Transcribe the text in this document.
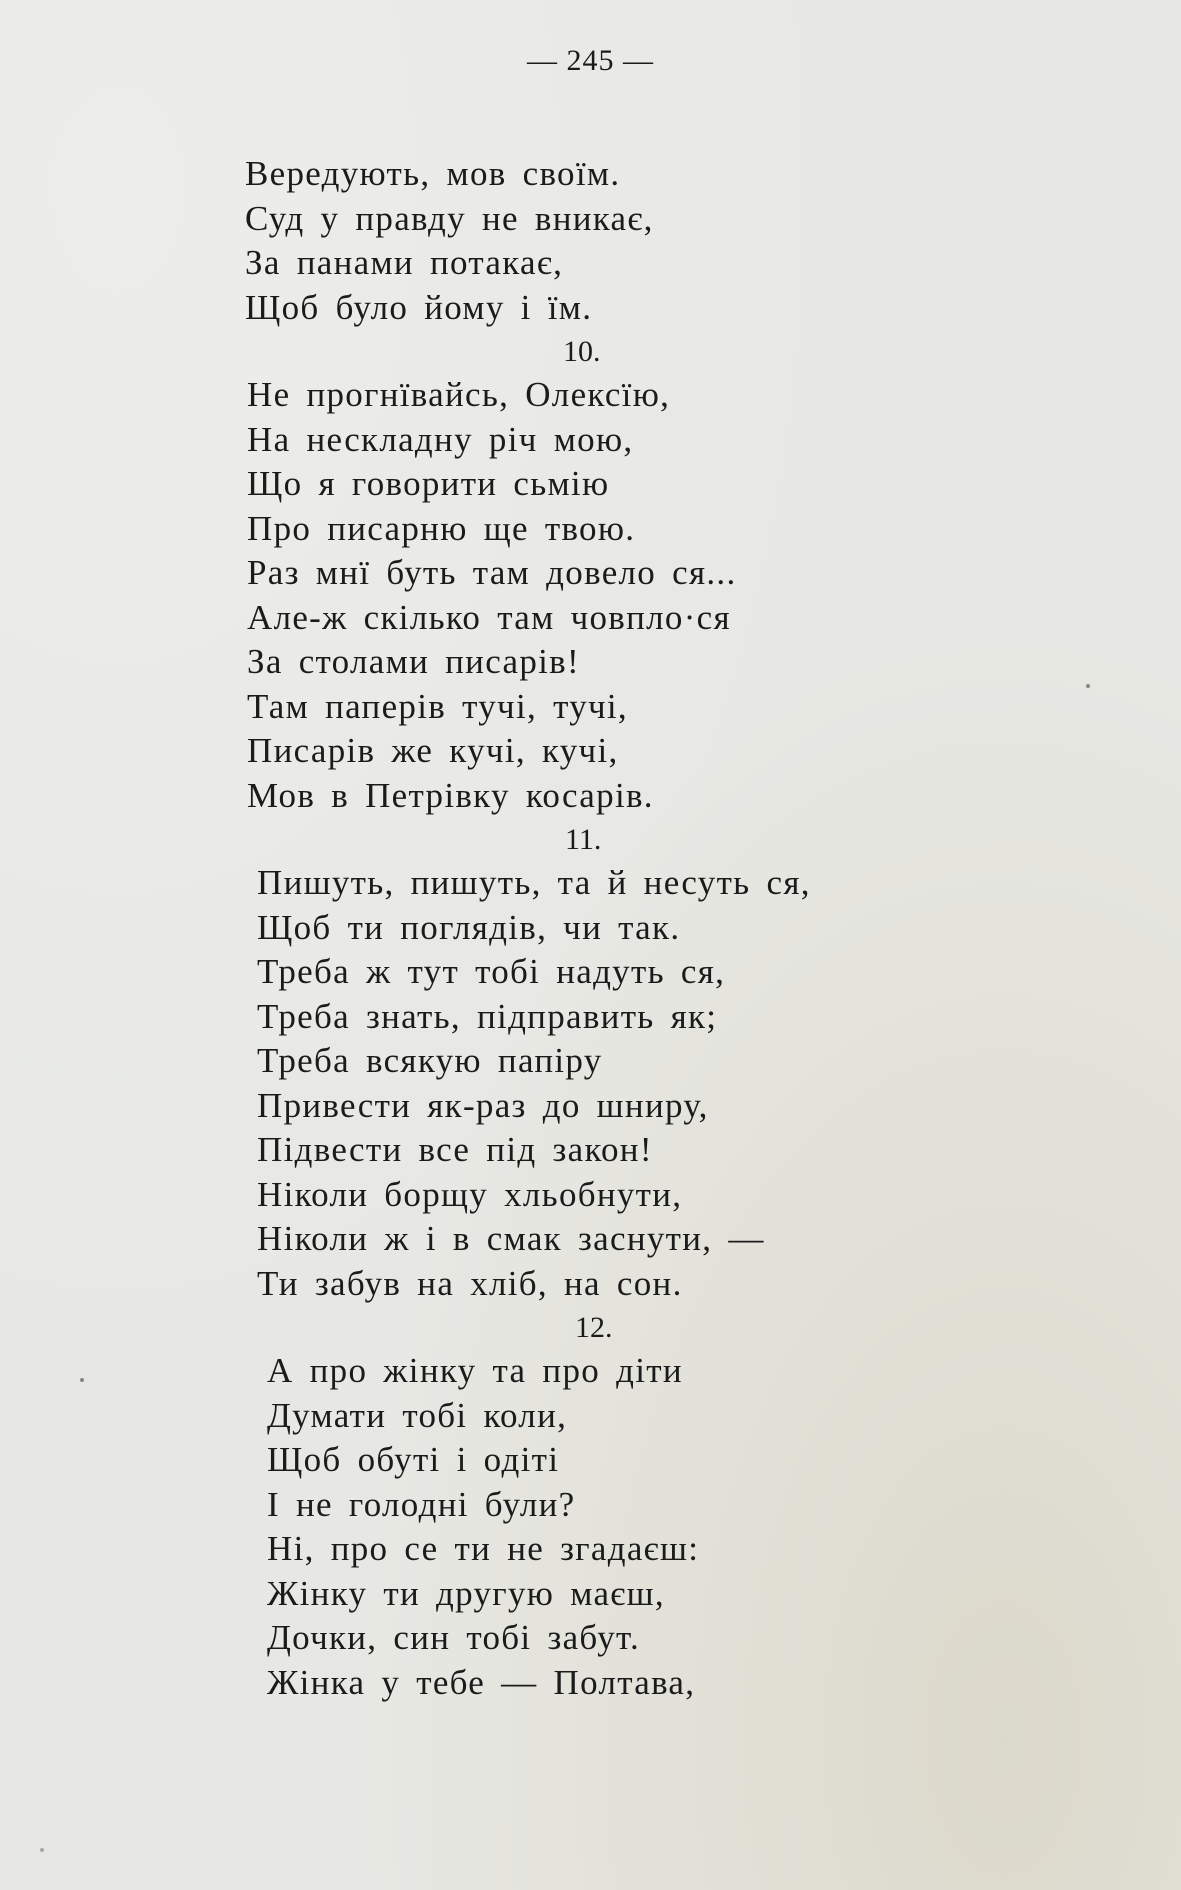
— 245 —
Вередують, мов своїм.
Суд у правду не вникає,
За панами потакає,
Щоб було йому і їм.
10.
Не прогнївайсь, Олексїю,
На нескладну річ мою,
Що я говорити сьмію
Про писарню ще твою.
Раз мнї буть там довело ся...
Але-ж скілько там човпло·ся
За столами писарів!
Там паперів тучі, тучі,
Писарів же кучі, кучі,
Мов в Петрівку косарів.
11.
Пишуть, пишуть, та й несуть ся,
Щоб ти поглядів, чи так.
Треба ж тут тобі надуть ся,
Треба знать, підправить як;
Треба всякую папіру
Привести як-раз до шниру,
Підвести все під закон!
Ніколи борщу хльобнути,
Ніколи ж і в смак заснути, —
Ти забув на хліб, на сон.
12.
А про жінку та про діти
Думати тобі коли,
Щоб обуті і одіті
І не голодні були?
Ні, про се ти не згадаєш:
Жінку ти другую маєш,
Дочки, син тобі забут.
Жінка у тебе — Полтава,
